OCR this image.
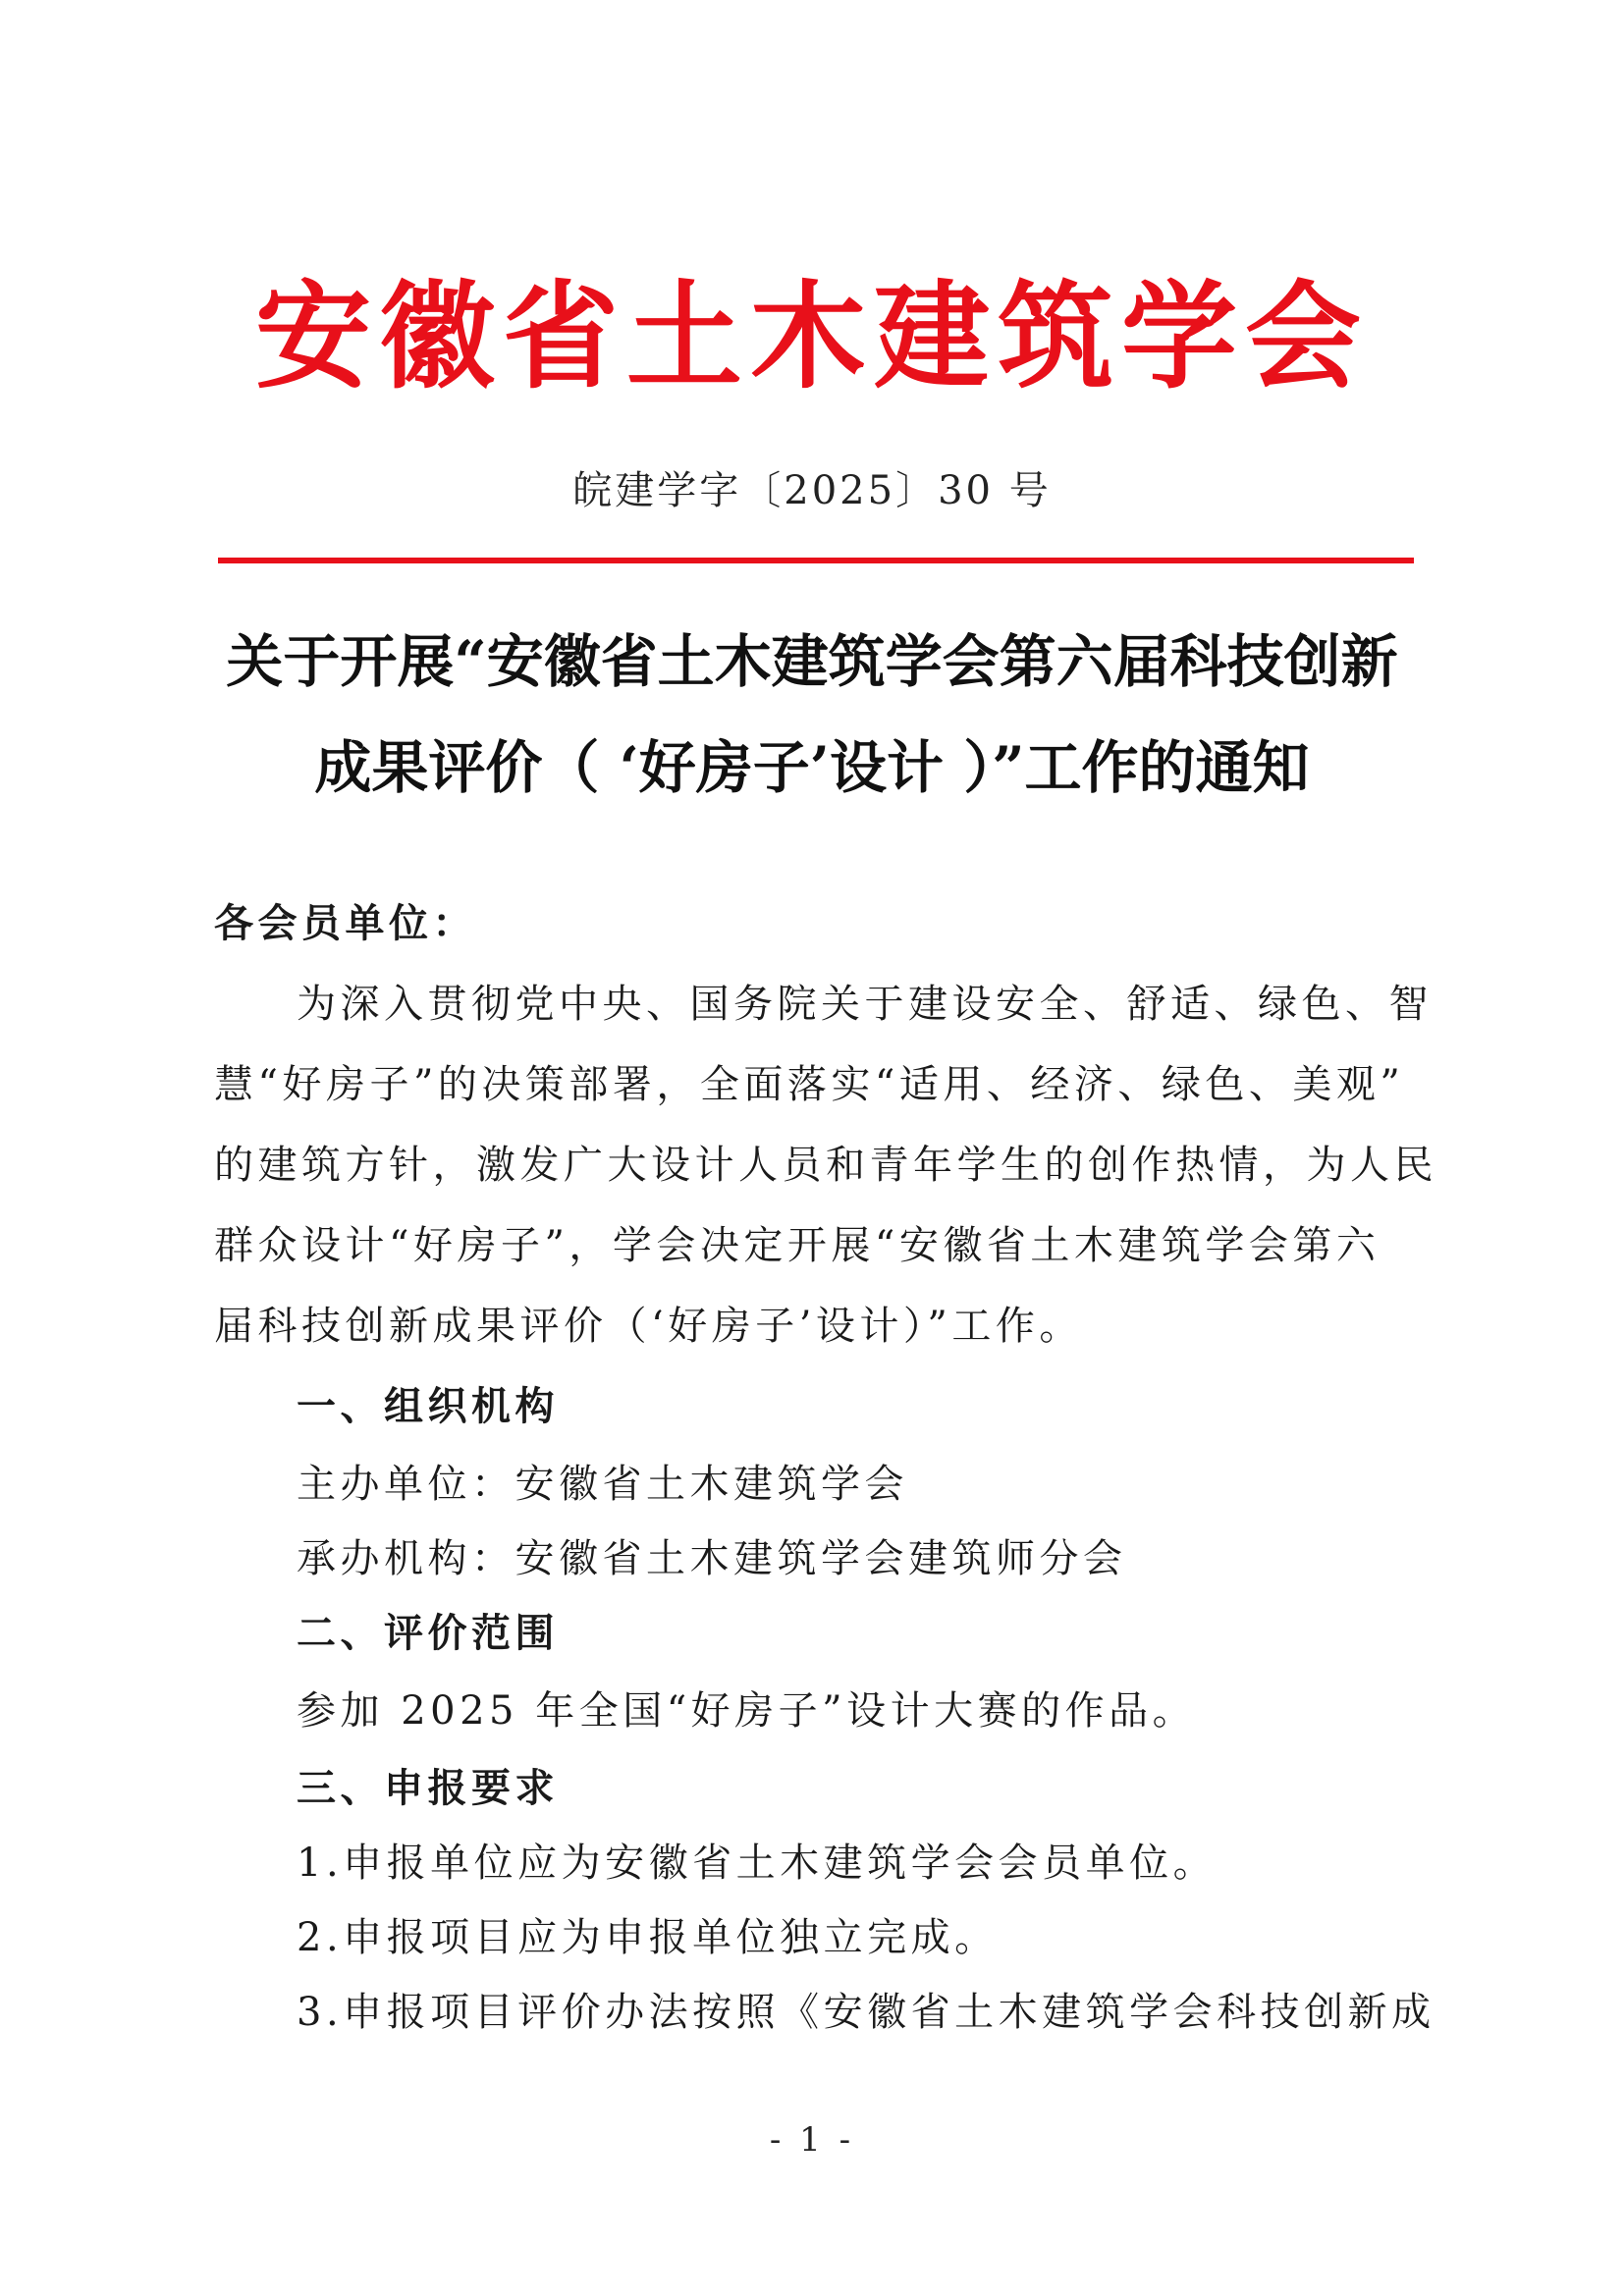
安徽省土木建筑学会
皖建学字〔2025〕30 号
关于开展“安徽省土木建筑学会第六届科技创新
成果评价（ ‘好房子’设计 ）”工作的通知
各会员单位：
为深入贯彻党中央、国务院关于建设安全、舒适、绿色、智
慧“好房子”的决策部署，全面落实“适用、经济、绿色、美观”
的建筑方针，激发广大设计人员和青年学生的创作热情，为人民
群众设计“好房子”，学会决定开展“安徽省土木建筑学会第六
届科技创新成果评价（‘好房子’设计）”工作。
一、组织机构
主办单位：安徽省土木建筑学会
承办机构：安徽省土木建筑学会建筑师分会
二、评价范围
参加 2025 年全国“好房子”设计大赛的作品。
三、申报要求
1.申报单位应为安徽省土木建筑学会会员单位。
2.申报项目应为申报单位独立完成。
3.申报项目评价办法按照《安徽省土木建筑学会科技创新成
- 1 -
